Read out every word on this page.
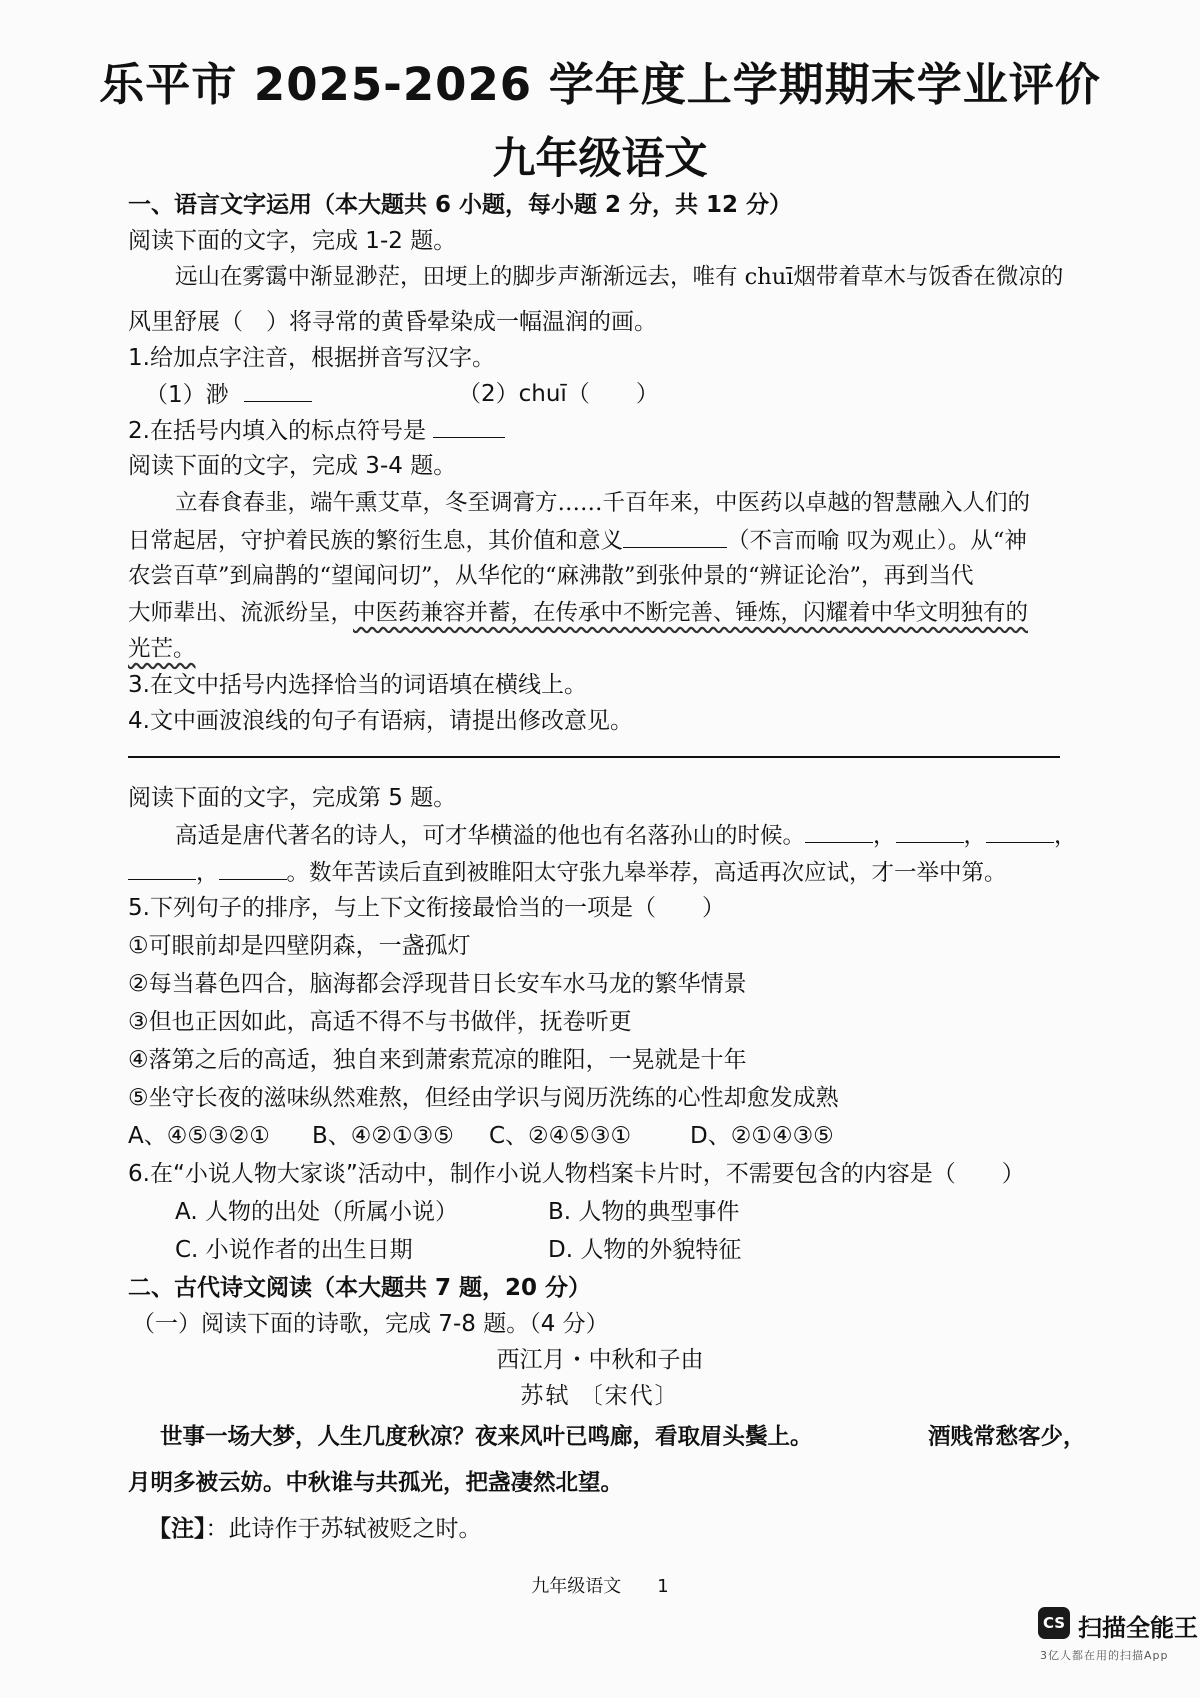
乐平市 2025-2026 学年度上学期期末学业评价
九年级语文
一、语言文字运用（本大题共 6 小题，每小题 2 分，共 12 分）
阅读下面的文字，完成 1-2 题。
远山在雾霭中渐显渺茫，田埂上的脚步声渐渐远去，唯有 chuī烟带着草木与饭香在微凉的
风里舒展（　）将寻常的黄昏晕染成一幅温润的画。
1.给加点字注音，根据拼音写汉字。
（1）渺	（2）chuī（　　）
2.在括号内填入的标点符号是
阅读下面的文字，完成 3-4 题。
立春食春韭，端午熏艾草，冬至调膏方……千百年来，中医药以卓越的智慧融入人们的
日常起居，守护着民族的繁衍生息，其价值和意义	（不言而喻 叹为观止）。从“神
农尝百草”到扁鹊的“望闻问切”，从华佗的“麻沸散”到张仲景的“辨证论治”，再到当代
大师辈出、流派纷呈，中医药兼容并蓄，在传承中不断完善、锤炼，闪耀着中华文明独有的
光芒。
3.在文中括号内选择恰当的词语填在横线上。
4.文中画波浪线的句子有语病，请提出修改意见。
阅读下面的文字，完成第 5 题。
高适是唐代著名的诗人，可才华横溢的他也有名落孙山的时候。	，	，	，
，	。数年苦读后直到被睢阳太守张九皋举荐，高适再次应试，才一举中第。
5.下列句子的排序，与上下文衔接最恰当的一项是（　　）
①可眼前却是四壁阴森，一盏孤灯
②每当暮色四合，脑海都会浮现昔日长安车水马龙的繁华情景
③但也正因如此，高适不得不与书做伴，抚卷听更
④落第之后的高适，独自来到萧索荒凉的睢阳，一晃就是十年
⑤坐守长夜的滋味纵然难熬，但经由学识与阅历洗练的心性却愈发成熟
A、④⑤③②① B、④②①③⑤ C、②④⑤③①	D、②①④③⑤
6.在“小说人物大家谈”活动中，制作小说人物档案卡片时，不需要包含的内容是（　　）
A. 人物的出处（所属小说）	B. 人物的典型事件
C. 小说作者的出生日期	D. 人物的外貌特征
二、古代诗文阅读（本大题共 7 题，20 分）
（一）阅读下面的诗歌，完成 7-8 题。（4 分）
西江月・中秋和子由
苏轼 〔宋代〕
世事一场大梦，人生几度秋凉？夜来风叶已鸣廊，看取眉头鬓上。	酒贱常愁客少，
月明多被云妨。中秋谁与共孤光，把盏凄然北望。
【注】：此诗作于苏轼被贬之时。
九年级语文　　1
CS 扫描全能王
3亿人都在用的扫描App
